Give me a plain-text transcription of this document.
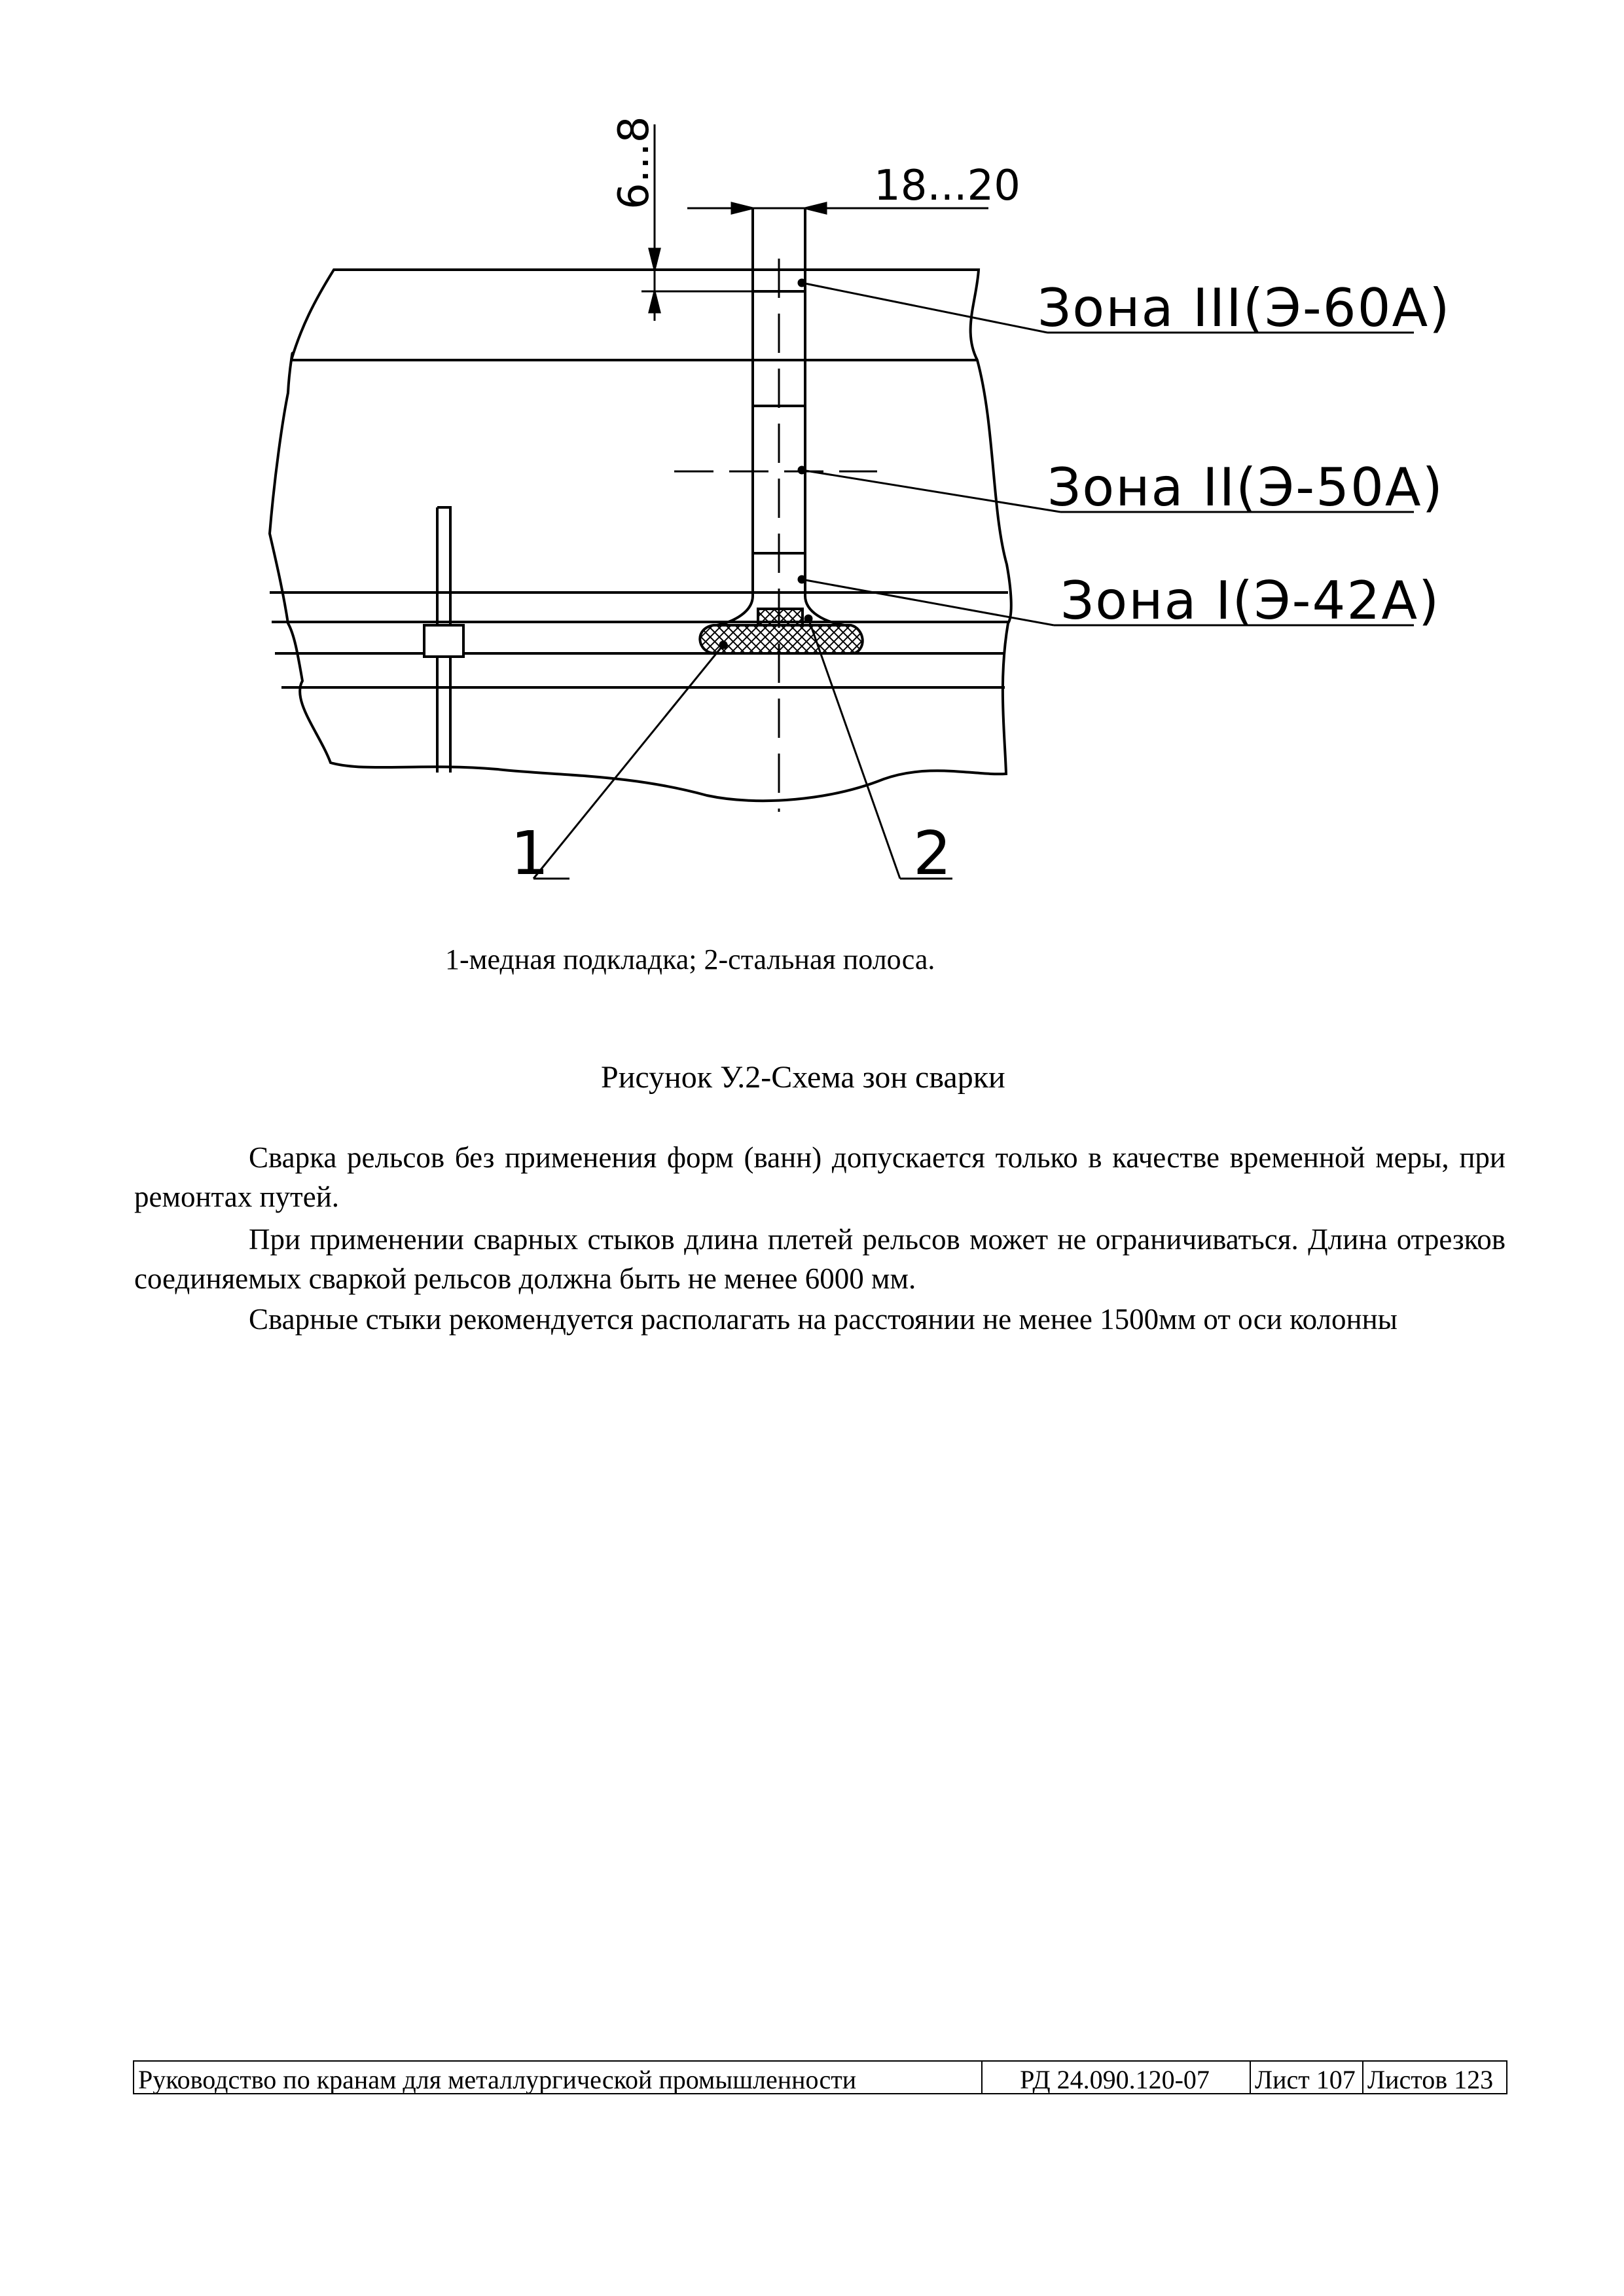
6...8	18...20
Зона III(Э-60А)
Зона II(Э-50А)
Зона I(Э-42А)
1	2
1-медная подкладка; 2-стальная полоса.
Рисунок У.2-Схема зон сварки

Сварка рельсов без применения форм (ванн) допускается только в качестве временной меры, при ремонтах путей.

При применении сварных стыков длина плетей рельсов может не ограничиваться. Длина отрезков соединяемых сваркой рельсов должна быть не менее 6000 мм.

Сварные стыки рекомендуется располагать на расстоянии не менее 1500мм от оси колонны

Руководство по кранам для металлургической промышленности	РД 24.090.120-07	Лист 107 Листов 123
